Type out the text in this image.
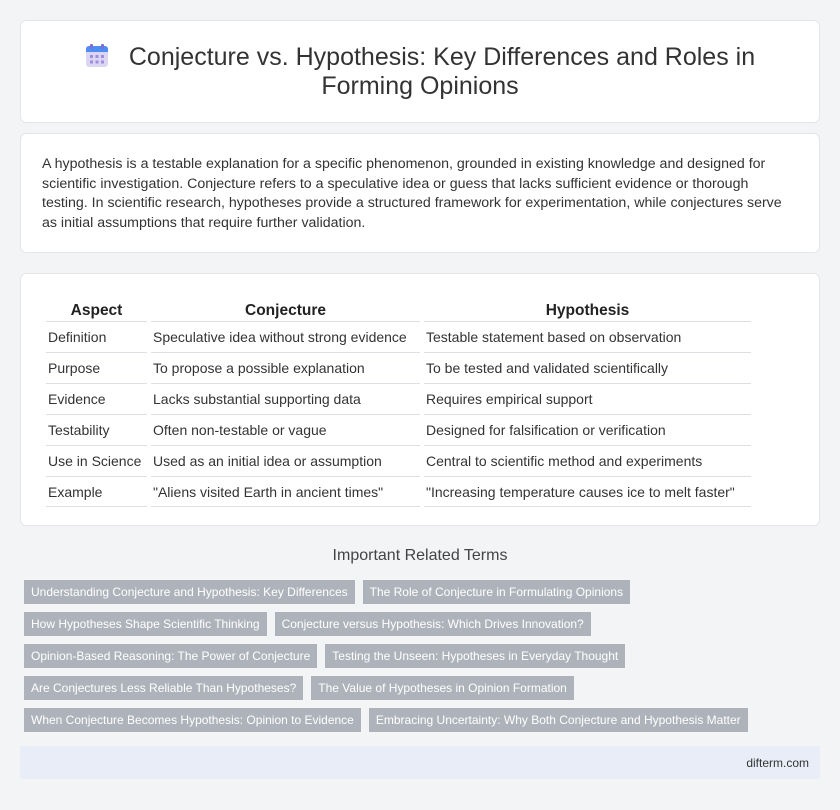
Conjecture vs. Hypothesis: Key Differences and Roles in Forming Opinions

A hypothesis is a testable explanation for a specific phenomenon, grounded in existing knowledge and designed for scientific investigation. Conjecture refers to a speculative idea or guess that lacks sufficient evidence or thorough testing. In scientific research, hypotheses provide a structured framework for experimentation, while conjectures serve as initial assumptions that require further validation.

Aspect	Conjecture	Hypothesis
Definition	Speculative idea without strong evidence	Testable statement based on observation
Purpose	To propose a possible explanation	To be tested and validated scientifically
Evidence	Lacks substantial supporting data	Requires empirical support
Testability	Often non-testable or vague	Designed for falsification or verification
Use in Science	Used as an initial idea or assumption	Central to scientific method and experiments
Example	"Aliens visited Earth in ancient times"	"Increasing temperature causes ice to melt faster"
Important Related Terms
Understanding Conjecture and Hypothesis: Key Differences	The Role of Conjecture in Formulating Opinions
How Hypotheses Shape Scientific Thinking	Conjecture versus Hypothesis: Which Drives Innovation?
Opinion-Based Reasoning: The Power of Conjecture	Testing the Unseen: Hypotheses in Everyday Thought
Are Conjectures Less Reliable Than Hypotheses?	The Value of Hypotheses in Opinion Formation
When Conjecture Becomes Hypothesis: Opinion to Evidence	Embracing Uncertainty: Why Both Conjecture and Hypothesis Matter
difterm.com
